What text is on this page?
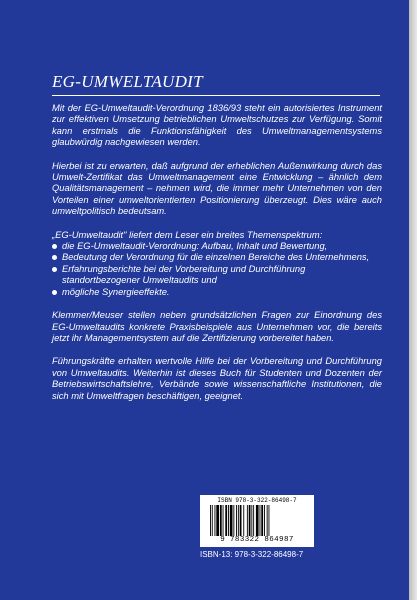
EG-UMWELTAUDIT

Mit der EG-Umweltaudit-Verordnung 1836/93 steht ein autorisiertes Instrument zur effektiven Umsetzung betrieblichen Umweltschutzes zur Verfügung. Somit kann erstmals die Funktionsfähigkeit des Umweltmanagementsystems glaubwürdig nachgewiesen werden.

Hierbei ist zu erwarten, daß aufgrund der erheblichen Außenwirkung durch das Umwelt-Zertifikat das Umweltmanagement eine Entwicklung – ähnlich dem Qualitätsmanagement – nehmen wird, die immer mehr Unternehmen von den Vorteilen einer umweltorientierten Positionierung überzeugt. Dies wäre auch umweltpolitisch bedeutsam.

„EG-Umweltaudit" liefert dem Leser ein breites Themenspektrum:

die EG-Umweltaudit-Verordnung: Aufbau, Inhalt und Bewertung,
Bedeutung der Verordnung für die einzelnen Bereiche des Unternehmens,
Erfahrungsberichte bei der Vorbereitung und Durchführung standortbezogener Umweltaudits und
mögliche Synergieeffekte.

Klemmer/Meuser stellen neben grundsätzlichen Fragen zur Einordnung des EG-Umweltaudits konkrete Praxisbeispiele aus Unternehmen vor, die bereits jetzt ihr Managementsystem auf die Zertifizierung vorbereitet haben.

Führungskräfte erhalten wertvolle Hilfe bei der Vorbereitung und Durchführung von Umweltaudits. Weiterhin ist dieses Buch für Studenten und Dozenten der Betriebswirtschaftslehre, Verbände sowie wissenschaftliche Institutionen, die sich mit Umweltfragen beschäftigen, geeignet.

ISBN 978-3-322-86498-7
9 783322 864987
ISBN-13: 978-3-322-86498-7
